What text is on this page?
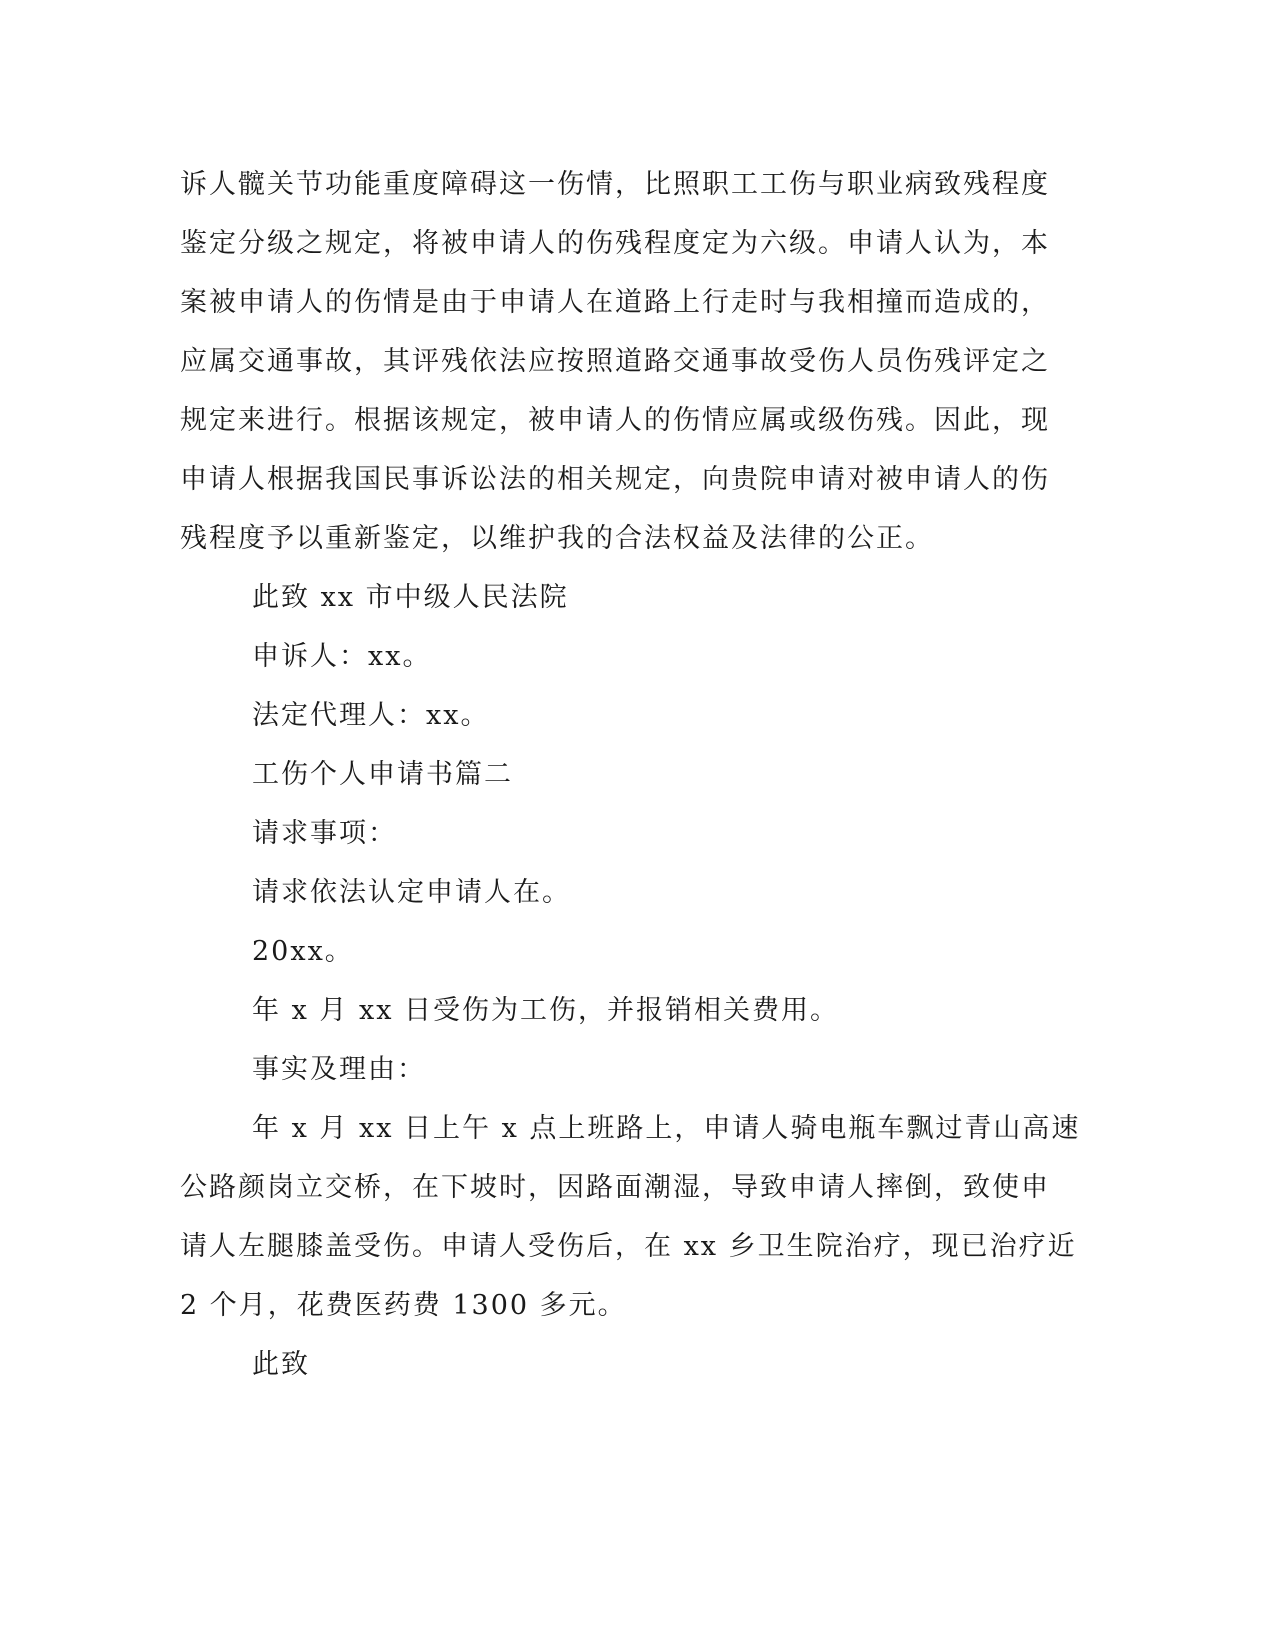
诉人髋关节功能重度障碍这一伤情，比照职工工伤与职业病致残程度
鉴定分级之规定，将被申请人的伤残程度定为六级。申请人认为，本
案被申请人的伤情是由于申请人在道路上行走时与我相撞而造成的，
应属交通事故，其评残依法应按照道路交通事故受伤人员伤残评定之
规定来进行。根据该规定，被申请人的伤情应属或级伤残。因此，现
申请人根据我国民事诉讼法的相关规定，向贵院申请对被申请人的伤
残程度予以重新鉴定，以维护我的合法权益及法律的公正。
此致 xx 市中级人民法院
申诉人：xx。
法定代理人：xx。
工伤个人申请书篇二
请求事项：
请求依法认定申请人在。
20xx。
年 x 月 xx 日受伤为工伤，并报销相关费用。
事实及理由：
年 x 月 xx 日上午 x 点上班路上，申请人骑电瓶车飘过青山高速
公路颜岗立交桥，在下坡时，因路面潮湿，导致申请人摔倒，致使申
请人左腿膝盖受伤。申请人受伤后，在 xx 乡卫生院治疗，现已治疗近
2 个月，花费医药费 1300 多元。
此致
